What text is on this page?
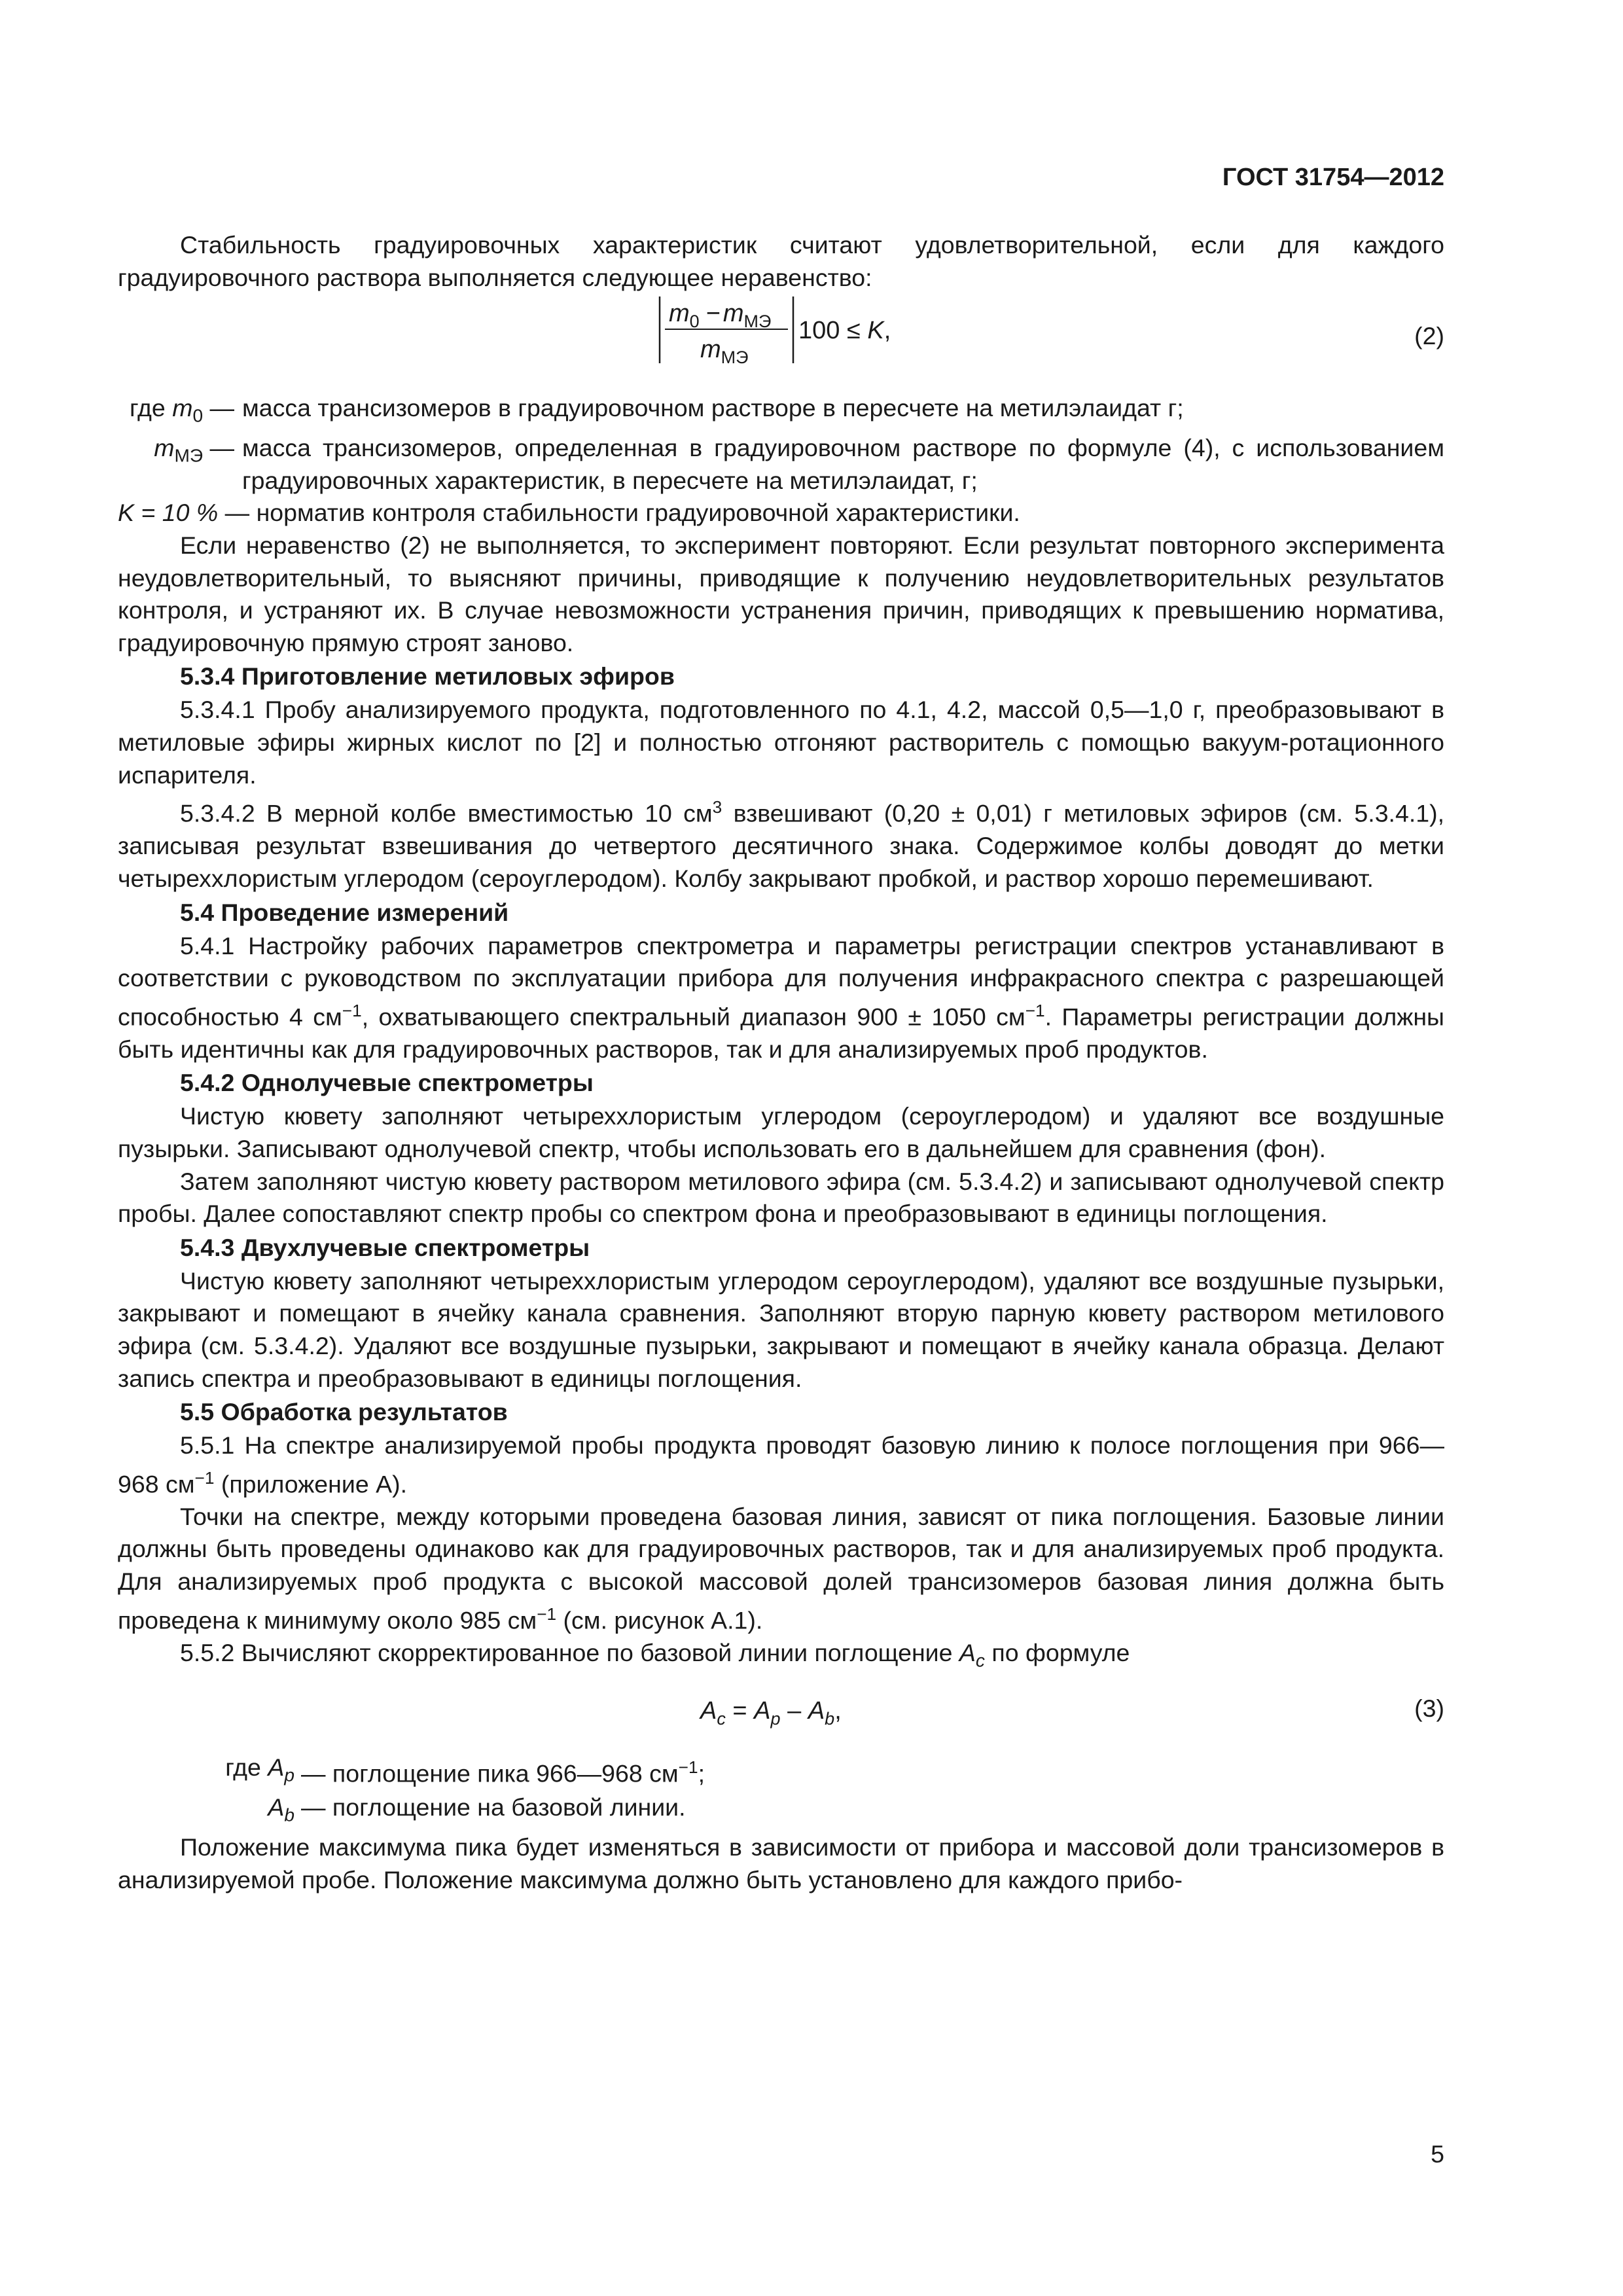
ГОСТ 31754—2012

Стабильность градуировочных характеристик считают удовлетворительной, если для каждого градуировочного раствора выполняется следующее неравенство:

$m_0 - m_{МЭ}$
$m_{МЭ}$
100 ≤ K,	(2)
где $m_0$ — масса трансизомеров в градуировочном растворе в пересчете на метилэлаидат г;
$m_{МЭ}$ — масса трансизомеров, определенная в градуировочном растворе по формуле (4), с использованием градуировочных характеристик, в пересчете на метилэлаидат, г;
K = 10 % — норматив контроля стабильности градуировочной характеристики.

Если неравенство (2) не выполняется, то эксперимент повторяют. Если результат повторного эксперимента неудовлетворительный, то выясняют причины, приводящие к получению неудовлетворительных результатов контроля, и устраняют их. В случае невозможности устранения причин, приводящих к превышению норматива, градуировочную прямую строят заново.

5.3.4 Приготовление метиловых эфиров

5.3.4.1 Пробу анализируемого продукта, подготовленного по 4.1, 4.2, массой 0,5—1,0 г, преобразовывают в метиловые эфиры жирных кислот по [2] и полностью отгоняют растворитель с помощью вакуум-ротационного испарителя.

5.3.4.2 В мерной колбе вместимостью 10 $см^3$ взвешивают (0,20 ± 0,01) г метиловых эфиров (см. 5.3.4.1), записывая результат взвешивания до четвертого десятичного знака. Содержимое колбы доводят до метки четыреххлористым углеродом (сероуглеродом). Колбу закрывают пробкой, и раствор хорошо перемешивают.

5.4 Проведение измерений

5.4.1 Настройку рабочих параметров спектрометра и параметры регистрации спектров устанавливают в соответствии с руководством по эксплуатации прибора для получения инфракрасного спектра с разрешающей способностью 4 $см^{-1}$, охватывающего спектральный диапазон 900 ± 1050 $см^{-1}$. Параметры регистрации должны быть идентичны как для градуировочных растворов, так и для анализируемых проб продуктов.

5.4.2 Однолучевые спектрометры

Чистую кювету заполняют четыреххлористым углеродом (сероуглеродом) и удаляют все воздушные пузырьки. Записывают однолучевой спектр, чтобы использовать его в дальнейшем для сравнения (фон).

Затем заполняют чистую кювету раствором метилового эфира (см. 5.3.4.2) и записывают однолучевой спектр пробы. Далее сопоставляют спектр пробы со спектром фона и преобразовывают в единицы поглощения.

5.4.3 Двухлучевые спектрометры

Чистую кювету заполняют четыреххлористым углеродом сероуглеродом), удаляют все воздушные пузырьки, закрывают и помещают в ячейку канала сравнения. Заполняют вторую парную кювету раствором метилового эфира (см. 5.3.4.2). Удаляют все воздушные пузырьки, закрывают и помещают в ячейку канала образца. Делают запись спектра и преобразовывают в единицы поглощения.

5.5 Обработка результатов

5.5.1 На спектре анализируемой пробы продукта проводят базовую линию к полосе поглощения при 966—968 $см^{-1}$ (приложение А).

Точки на спектре, между которыми проведена базовая линия, зависят от пика поглощения. Базовые линии должны быть проведены одинаково как для градуировочных растворов, так и для анализируемых проб продукта. Для анализируемых проб продукта с высокой массовой долей трансизомеров базовая линия должна быть проведена к минимуму около 985 $см^{-1}$ (см. рисунок А.1).

5.5.2 Вычисляют скорректированное по базовой линии поглощение $A_c$ по формуле

$A_c = A_p - A_b$,	(3)
где $A_p$ — поглощение пика 966—968 $см^{-1}$;
$A_b$ — поглощение на базовой линии.

Положение максимума пика будет изменяться в зависимости от прибора и массовой доли трансизомеров в анализируемой пробе. Положение максимума должно быть установлено для каждого прибо-

5
